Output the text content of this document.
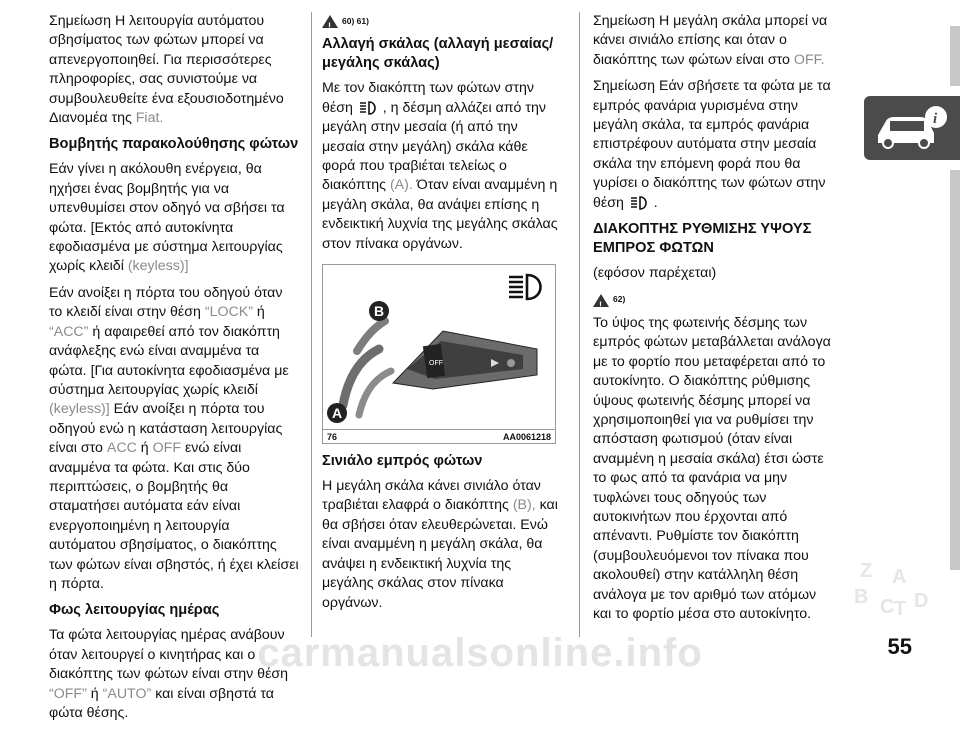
Σημείωση Η λειτουργία αυτόματου σβησίματος των φώτων μπορεί να απενεργοποιηθεί. Για περισσότερες πληροφορίες, σας συνιστούμε να συμβουλευθείτε ένα εξουσιοδοτημένο Διανομέα της Fiat.

Βομβητής παρακολούθησης φώτων

Εάν γίνει η ακόλουθη ενέργεια, θα ηχήσει ένας βομβητής για να υπενθυμίσει στον οδηγό να σβήσει τα φώτα. [Εκτός από αυτοκίνητα εφοδιασμένα με σύστημα λειτουργίας χωρίς κλειδί (keyless)]

Εάν ανοίξει η πόρτα του οδηγού όταν το κλειδί είναι στην θέση “LOCK” ή “ACC” ή αφαιρεθεί από τον διακόπτη ανάφλεξης ενώ είναι αναμμένα τα φώτα. [Για αυτοκίνητα εφοδιασμένα με σύστημα λειτουργίας χωρίς κλειδί (keyless)] Εάν ανοίξει η πόρτα του οδηγού ενώ η κατάσταση λειτουργίας είναι στο ACC ή OFF ενώ είναι αναμμένα τα φώτα. Και στις δύο περιπτώσεις, ο βομβητής θα σταματήσει αυτόματα εάν είναι ενεργοποιημένη η λειτουργία αυτόματου σβησίματος, ο διακόπτης των φώτων είναι σβηστός, ή έχει κλείσει η πόρτα.

Φως λειτουργίας ημέρας

Τα φώτα λειτουργίας ημέρας ανάβουν όταν λειτουργεί ο κινητήρας και ο διακόπτης των φώτων είναι στην θέση “OFF” ή “AUTO” και είναι σβηστά τα φώτα θέσης.

!
60) 61)
Αλλαγή σκάλας (αλλαγή μεσαίας/μεγάλης σκάλας)

Με τον διακόπτη των φώτων στην θέση , η δέσμη αλλάζει από την μεγάλη στην μεσαία (ή από την μεσαία στην μεγάλη) σκάλα κάθε φορά που τραβιέται τελείως ο διακόπτης (A). Όταν είναι αναμμένη η μεγάλη σκάλα, θα ανάψει επίσης η ενδεικτική λυχνία της μεγάλης σκάλας στον πίνακα οργάνων.

OFF
A
B
76	AA0061218
Σινιάλο εμπρός φώτων

Η μεγάλη σκάλα κάνει σινιάλο όταν τραβιέται ελαφρά ο διακόπτης (B), και θα σβήσει όταν ελευθερώνεται. Ενώ είναι αναμμένη η μεγάλη σκάλα, θα ανάψει η ενδεικτική λυχνία της μεγάλης σκάλας στον πίνακα οργάνων.

Σημείωση Η μεγάλη σκάλα μπορεί να κάνει σινιάλο επίσης και όταν ο διακόπτης των φώτων είναι στο OFF.

Σημείωση Εάν σβήσετε τα φώτα με τα εμπρός φανάρια γυρισμένα στην μεγάλη σκάλα, τα εμπρός φανάρια επιστρέφουν αυτόματα στην μεσαία σκάλα την επόμενη φορά που θα γυρίσει ο διακόπτης των φώτων στην θέση .

ΔΙΑΚΟΠΤΗΣ ΡΥΘΜΙΣΗΣ ΥΨΟΥΣ ΕΜΠΡΟΣ ΦΩΤΩΝ

(εφόσον παρέχεται)

!
62)

Το ύψος της φωτεινής δέσμης των εμπρός φώτων μεταβάλλεται ανάλογα με το φορτίο που μεταφέρεται από το αυτοκίνητο. Ο διακόπτης ρύθμισης ύψους φωτεινής δέσμης μπορεί να χρησιμοποιηθεί για να ρυθμίσει την απόσταση φωτισμού (όταν είναι αναμμένη η μεσαία σκάλα) έτσι ώστε το φως από τα φανάρια να μην τυφλώνει τους οδηγούς των αυτοκινήτων που έρχονται από απέναντι. Ρυθμίστε τον διακόπτη (συμβουλευόμενοι τον πίνακα που ακολουθεί) στην κατάλληλη θέση ανάλογα με τον αριθμό των ατόμων και το φορτίο μέσα στο αυτοκίνητο.

i
Z
B C T D
A
55
carmanualsonline.info
